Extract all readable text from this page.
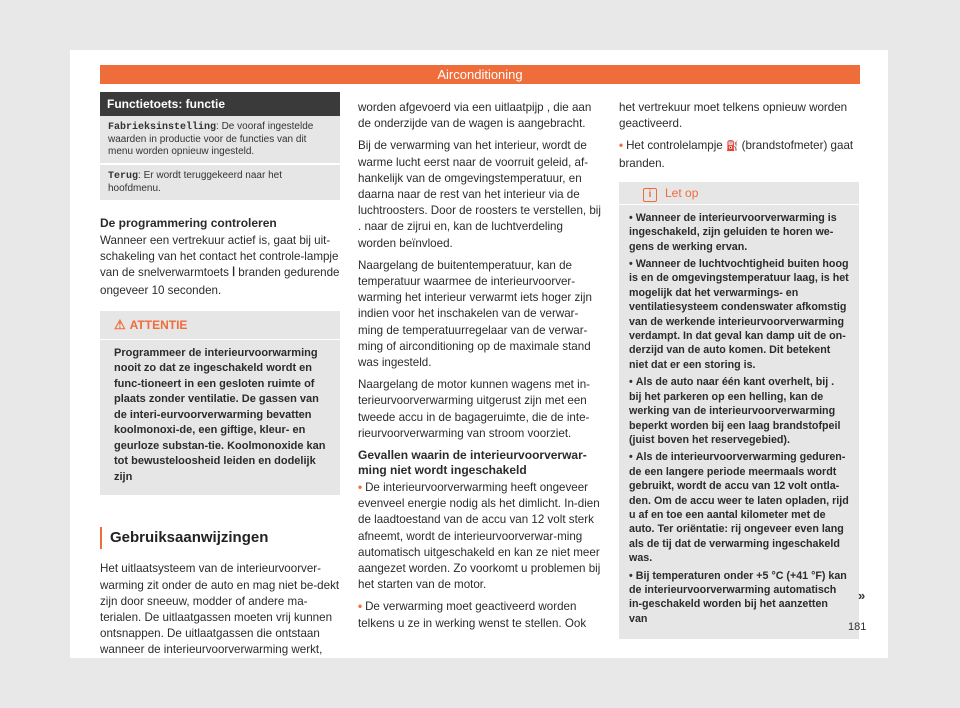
Airconditioning
Functietoets: functie
Fabrieksinstelling: De vooraf ingestelde waarden in productie voor de functies van dit menu worden opnieuw ingesteld.
Terug: Er wordt teruggekeerd naar het hoofdmenu.
De programmering controleren

Wanneer een vertrekuur actief is, gaat bij uit-schakeling van het contact het controle-lampje van de snelverwarmtoets ꟾ branden gedurende ongeveer 10 seconden.

⚠ ATTENTIE
Programmeer de interieurvoorwarming nooit zo dat ze ingeschakeld wordt en func-tioneert in een gesloten ruimte of plaats zonder ventilatie. De gassen van de interi-eurvoorverwarming bevatten koolmonoxi-de, een giftige, kleur- en geurloze substan-tie. Koolmonoxide kan tot bewusteloosheid leiden en dodelijk zijn
Gebruiksaanwijzingen

Het uitlaatsysteem van de interieurvoorver-warming zit onder de auto en mag niet be-dekt zijn door sneeuw, modder of andere ma-terialen. De uitlaatgassen moeten vrij kunnen ontsnappen. De uitlaatgassen die ontstaan wanneer de interieurvoorverwarming werkt,

worden afgevoerd via een uitlaatpijp , die aan de onderzijde van de wagen is aangebracht.

Bij de verwarming van het interieur, wordt de warme lucht eerst naar de voorruit geleid, af-hankelijk van de omgevingstemperatuur, en daarna naar de rest van het interieur via de luchtroosters. Door de roosters te verstellen, bij . naar de zijrui en, kan de luchtverdeling worden beïnvloed.

Naargelang de buitentemperatuur, kan de temperatuur waarmee de interieurvoorver-warming het interieur verwarmt iets hoger zijn indien voor het inschakelen van de verwar-ming de temperatuurregelaar van de verwar-ming of airconditioning op de maximale stand was ingesteld.

Naargelang de motor kunnen wagens met in-terieurvoorverwarming uitgerust zijn met een tweede accu in de bagageruimte, die de inte-rieurvoorverwarming van stroom voorziet.

Gevallen waarin de interieurvoorverwar-ming niet wordt ingeschakeld

• De interieurvoorverwarming heeft ongeveer evenveel energie nodig als het dimlicht. In-dien de laadtoestand van de accu van 12 volt sterk afneemt, wordt de interieurvoorverwar-ming automatisch uitgeschakeld en kan ze niet meer aangezet worden. Zo voorkomt u problemen bij het starten van de motor.

• De verwarming moet geactiveerd worden telkens u ze in werking wenst te stellen. Ook

het vertrekuur moet telkens opnieuw worden geactiveerd.

• Het controlelampje ⛽ (brandstofmeter) gaat branden.

i Let op

• Wanneer de interieurvoorverwarming is ingeschakeld, zijn geluiden te horen we-gens de werking ervan.

• Wanneer de luchtvochtigheid buiten hoog is en de omgevingstemperatuur laag, is het mogelijk dat het verwarmings- en ventilatiesysteem condenswater afkomstig van de werkende interieurvoorverwarming verdampt. In dat geval kan damp uit de on-derzijd van de auto komen. Dit betekent niet dat er een storing is.

• Als de auto naar één kant overhelt, bij . bij het parkeren op een helling, kan de werking van de interieurvoorverwarming beperkt worden bij een laag brandstofpeil (juist boven het reservegebied).

• Als de interieurvoorverwarming geduren-de een langere periode meermaals wordt gebruikt, wordt de accu van 12 volt ontla-den. Om de accu weer te laten opladen, rijd u af en toe een aantal kilometer met de auto. Ter oriëntatie: rij ongeveer even lang als de tij dat de verwarming ingeschakeld was.

• Bij temperaturen onder +5 °C (+41 °F) kan de interieurvoorverwarming automatisch in-geschakeld worden bij het aanzetten van

»
181
